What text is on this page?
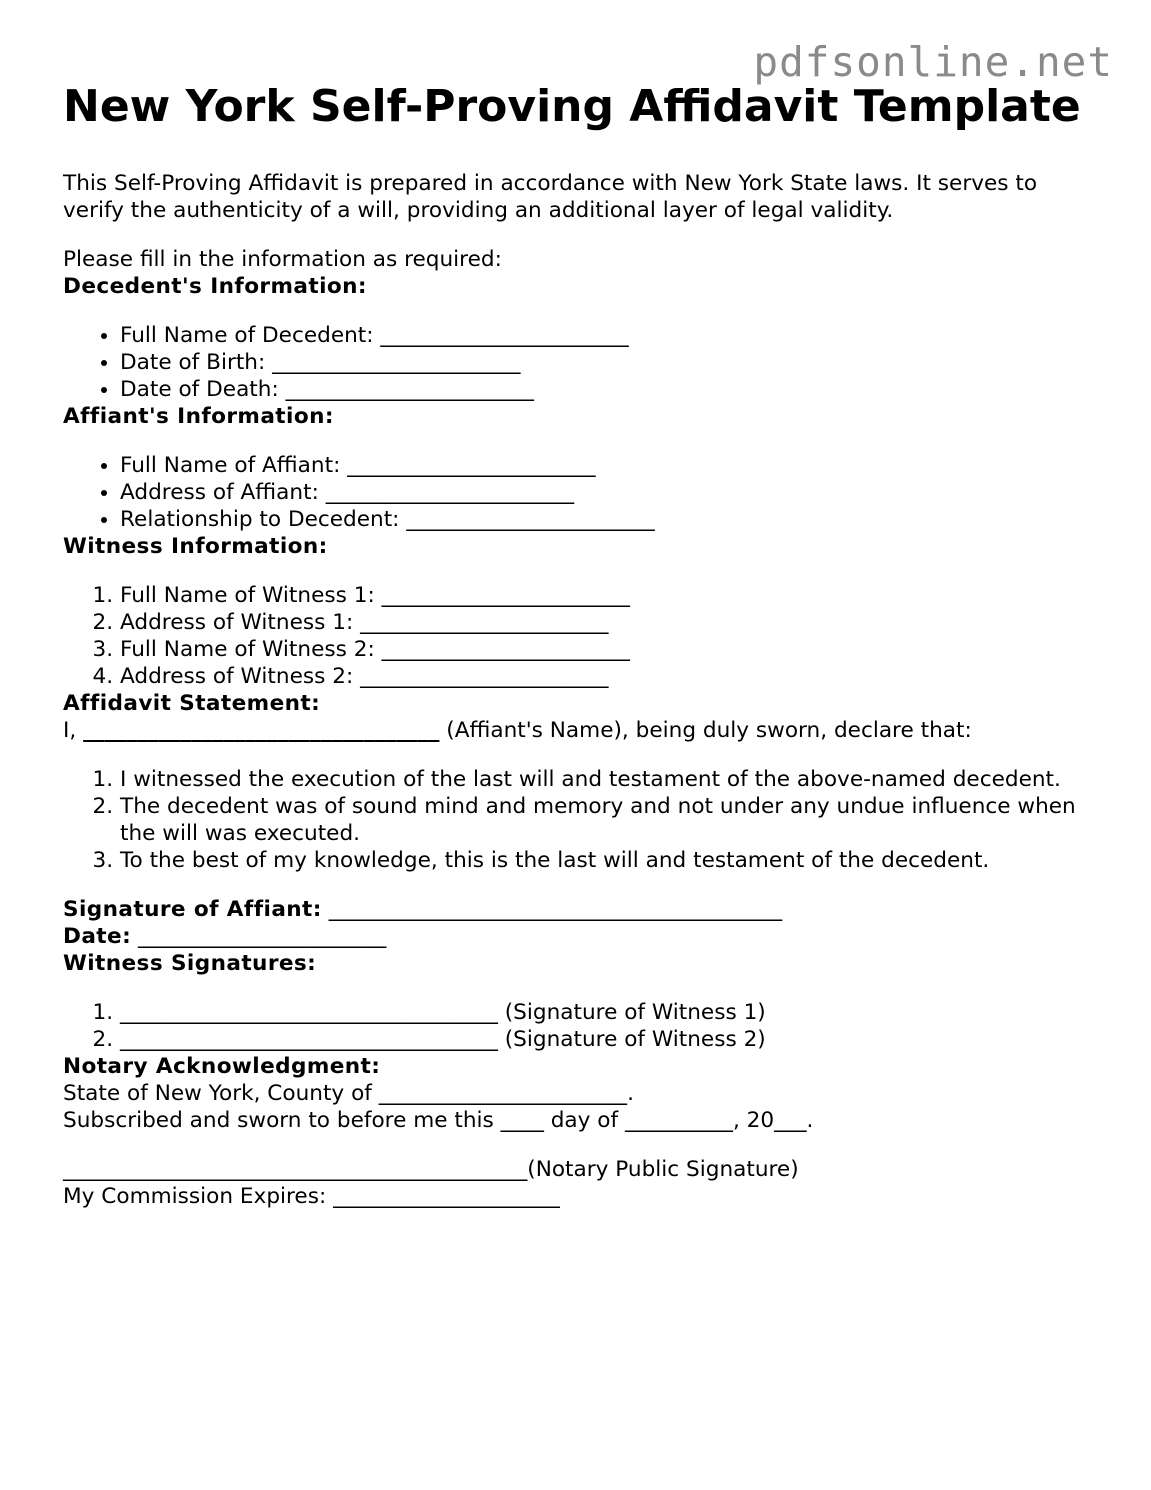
pdfsonline.net
New York Self-Proving Affidavit Template

This Self-Proving Affidavit is prepared in accordance with New York State laws. It serves to verify the authenticity of a will, providing an additional layer of legal validity.

Please fill in the information as required:

Decedent's Information:

• Full Name of Decedent: _______________________
• Date of Birth: _______________________
• Date of Death: _______________________

Affiant's Information:

• Full Name of Affiant: _______________________
• Address of Affiant: _______________________
• Relationship to Decedent: _______________________

Witness Information:

1. Full Name of Witness 1: _______________________
2. Address of Witness 1: _______________________
3. Full Name of Witness 2: _______________________
4. Address of Witness 2: _______________________

Affidavit Statement:

I, _________________________________ (Affiant's Name), being duly sworn, declare that:

1. I witnessed the execution of the last will and testament of the above-named decedent.
2. The decedent was of sound mind and memory and not under any undue influence when the will was executed.
3. To the best of my knowledge, this is the last will and testament of the decedent.

Signature of Affiant: __________________________________________

Date: _______________________

Witness Signatures:

1. ___________________________________ (Signature of Witness 1)
2. ___________________________________ (Signature of Witness 2)

Notary Acknowledgment:

State of New York, County of _______________________.

Subscribed and sworn to before me this ____ day of __________, 20___.

___________________________________________(Notary Public Signature)

My Commission Expires: _____________________
